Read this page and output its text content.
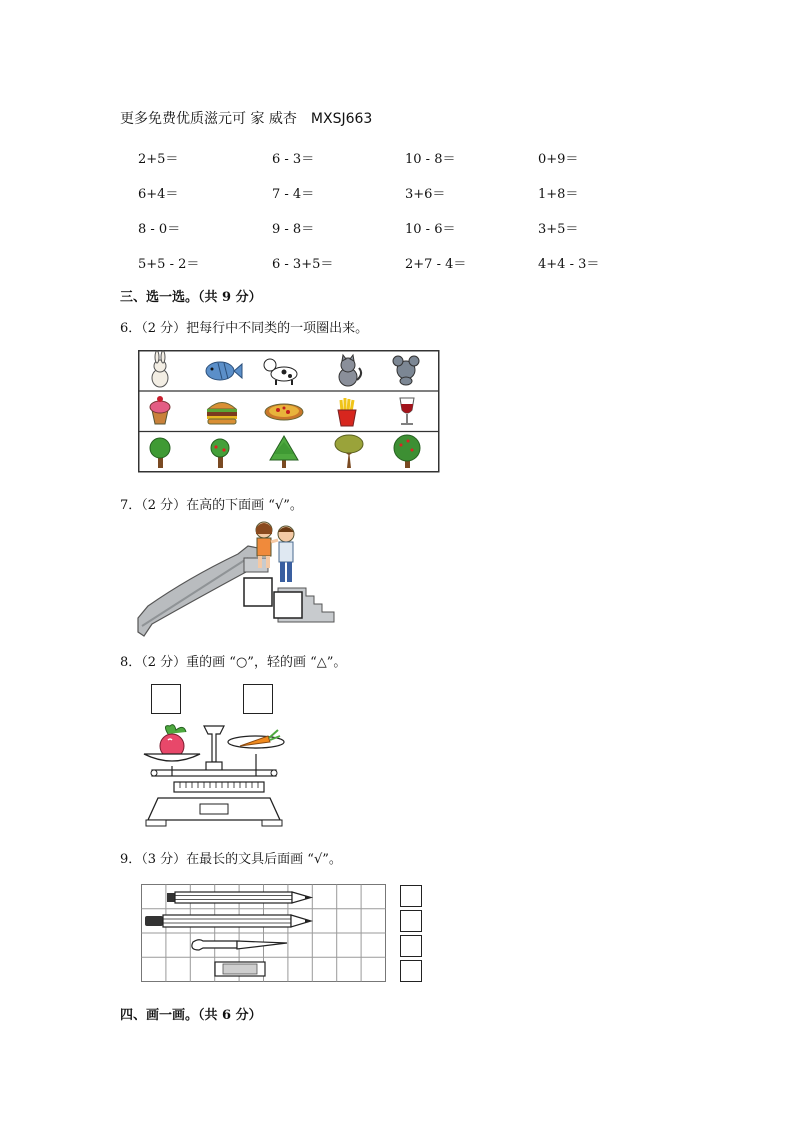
更多免费优质滋元可 家 威杏　MXSJ663
2+5＝	6 - 3＝	10 - 8＝	0+9＝
6+4＝	7 - 4＝	3+6＝	1+8＝
8 - 0＝	9 - 8＝	10 - 6＝	3+5＝
5+5 - 2＝	6 - 3+5＝	2+7 - 4＝	4+4 - 3＝
三、选一选。（共 9 分）
6．（2 分）把每行中不同类的一项圈出来。
7．（2 分）在高的下面画 “√”。
8．（2 分）重的画 “○”，轻的画 “△”。
9．（3 分）在最长的文具后面画 “√”。
四、画一画。（共 6 分）
